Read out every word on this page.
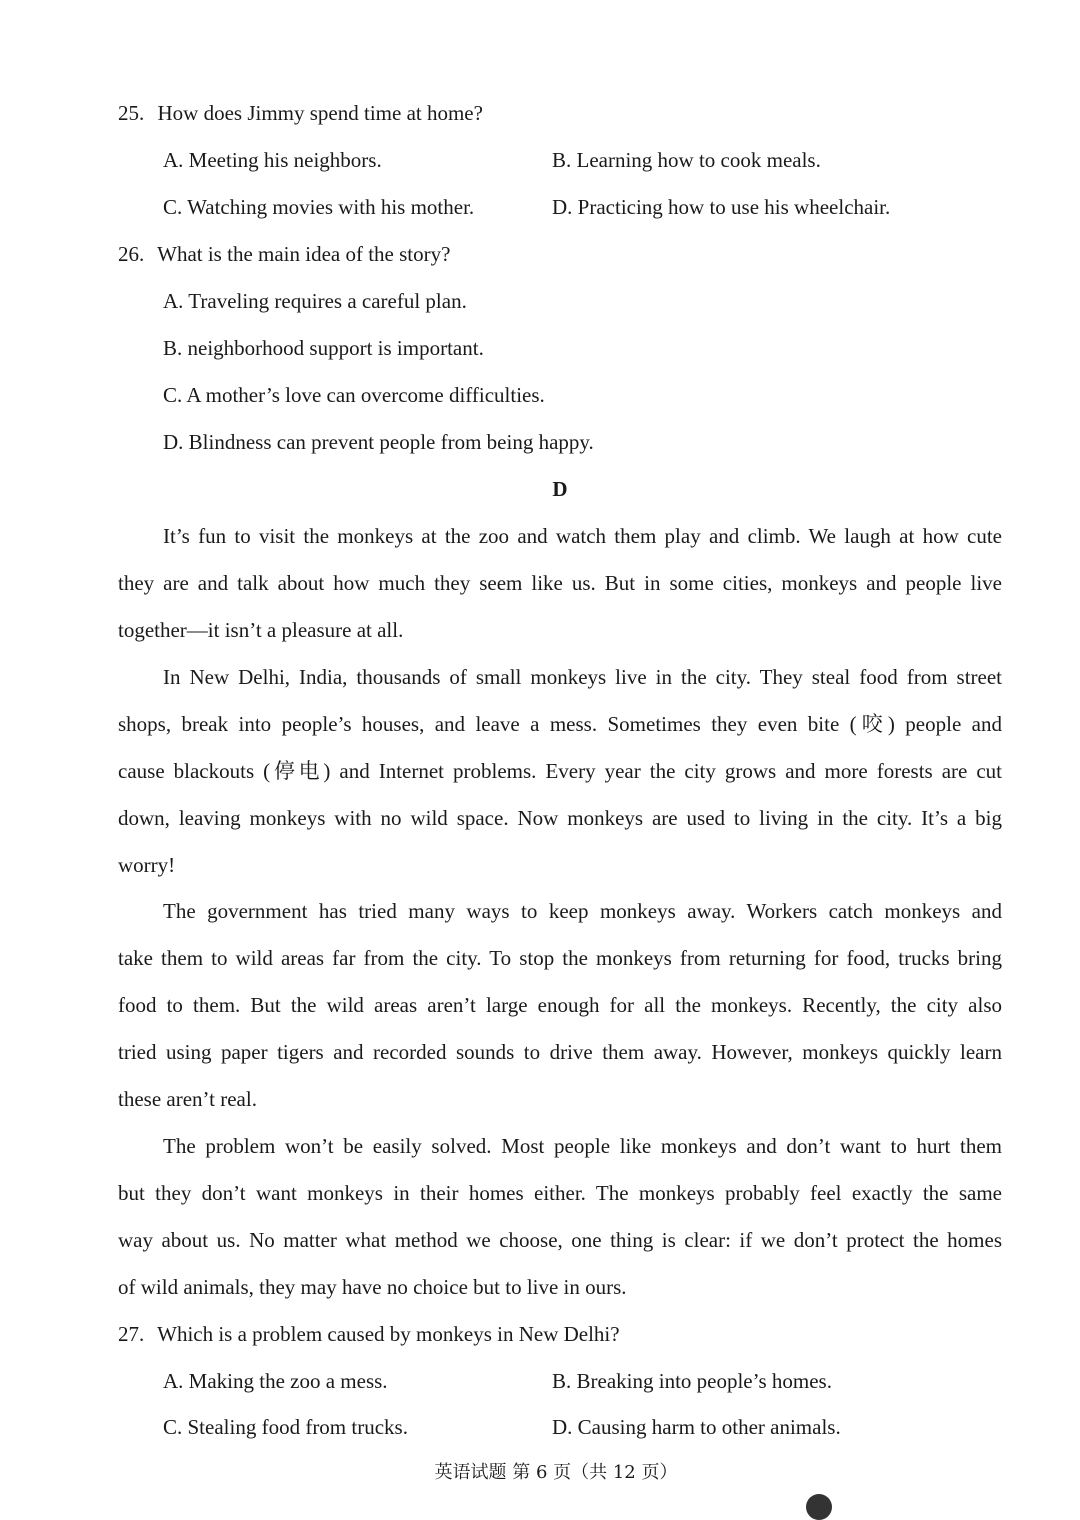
25. How does Jimmy spend time at home?
A. Meeting his neighbors.	B. Learning how to cook meals.
C. Watching movies with his mother.	D. Practicing how to use his wheelchair.
26. What is the main idea of the story?
A. Traveling requires a careful plan.
B. neighborhood support is important.
C. A mother’s love can overcome difficulties.
D. Blindness can prevent people from being happy.
D
It’s fun to visit the monkeys at the zoo and watch them play and climb. We laugh at how cute
they are and talk about how much they seem like us. But in some cities, monkeys and people live
together—it isn’t a pleasure at all.
In New Delhi, India, thousands of small monkeys live in the city. They steal food from street
shops, break into people’s houses, and leave a mess. Sometimes they even bite (咬) people and
cause blackouts (停电) and Internet problems. Every year the city grows and more forests are cut
down, leaving monkeys with no wild space. Now monkeys are used to living in the city. It’s a big
worry!
The government has tried many ways to keep monkeys away. Workers catch monkeys and
take them to wild areas far from the city. To stop the monkeys from returning for food, trucks bring
food to them. But the wild areas aren’t large enough for all the monkeys. Recently, the city also
tried using paper tigers and recorded sounds to drive them away. However, monkeys quickly learn
these aren’t real.
The problem won’t be easily solved. Most people like monkeys and don’t want to hurt them
but they don’t want monkeys in their homes either. The monkeys probably feel exactly the same
way about us. No matter what method we choose, one thing is clear: if we don’t protect the homes
of wild animals, they may have no choice but to live in ours.
27. Which is a problem caused by monkeys in New Delhi?
A. Making the zoo a mess.	B. Breaking into people’s homes.
C. Stealing food from trucks.	D. Causing harm to other animals.
英语试题 第 6 页（共 12 页）
